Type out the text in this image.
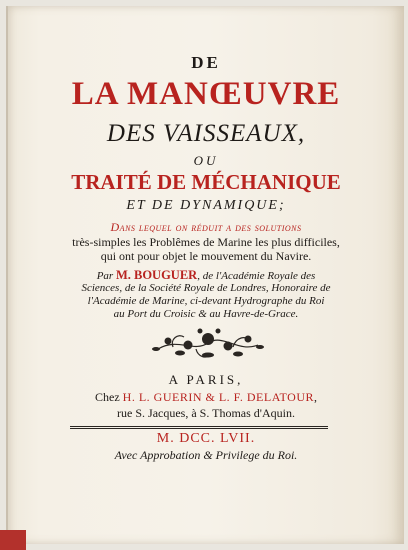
DE
LA MANŒUVRE
DES VAISSEAUX,
OU
TRAITÉ DE MÉCHANIQUE
ET DE DYNAMIQUE;
Dans lequel on réduit a des solutions
très-simples les Problêmes de Marine les plus difficiles,
qui ont pour objet le mouvement du Navire.
Par M. BOUGUER, de l'Académie Royale des
Sciences, de la Société Royale de Londres, Honoraire de
l'Académie de Marine, ci-devant Hydrographe du Roi
au Port du Croisic & au Havre-de-Grace.
A PARIS,
Chez H. L. GUERIN & L. F. DELATOUR,
rue S. Jacques, à S. Thomas d'Aquin.
M. DCC. LVII.
Avec Approbation & Privilege du Roi.
